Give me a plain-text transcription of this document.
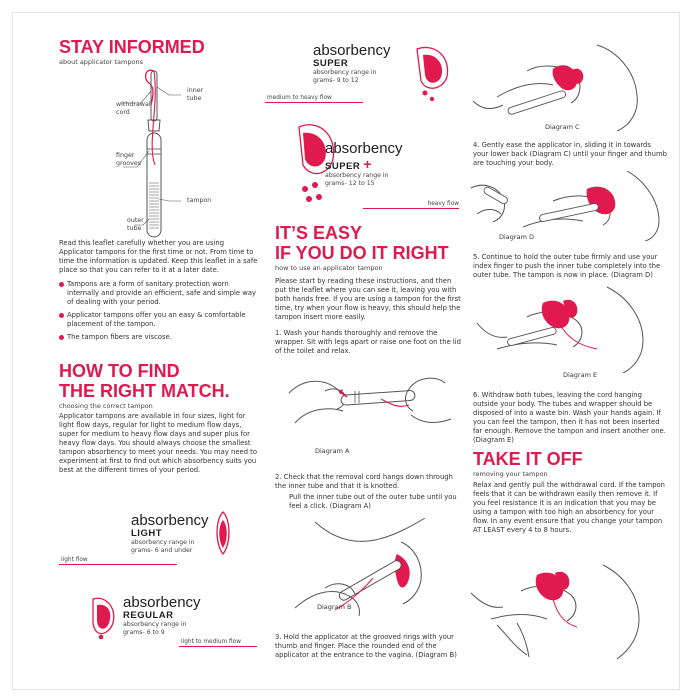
STAY INFORMED
about applicator tampons
withdrawal
cord
inner
tube
finger
grooves
tampon
outer
tube

Read this leaflet carefully whether you are using Applicator tampons for the first time or not. From time to time the information is updated. Keep this leaflet in a safe place so that you can refer to it at a later date.

Tampons are a form of sanitary protection worn internally and provide an efficient, safe and simple way of dealing with your period.
Applicator tampons offer you an easy & comfortable placement of the tampon.
The tampon fibers are viscose.
HOW TO FIND
THE RIGHT MATCH.
choosing the correct tampon

Applicator tampons are available in four sizes, light for light flow days, regular for light to medium flow days, super for medium to heavy flow days and super plus for heavy flow days. You should always choose the smallest tampon absorbency to meet your needs. You may need to experiment at first to find out which absorbency suits you best at the different times of your period.

absorbency
LIGHT
absorbency range in
grams- 6 and under
light flow
absorbency
REGULAR
absorbency range in
grams- 6 to 9
light to medium flow
absorbency
SUPER
absorbency range in
grams- 9 to 12
medium to heavy flow
absorbency
SUPER +
absorbency range in
grams- 12 to 15
heavy flow
IT’S EASY
IF YOU DO IT RIGHT
how to use an applicator tampon

Please start by reading these instructions, and then put the leaflet where you can see it, leaving you with both hands free. If you are using a tampon for the first time, try when your flow is heavy, this should help the tampon insert more easily.

1. Wash your hands thoroughly and remove the wrapper. Sit with legs apart or raise one foot on the lid of the toilet and relax.

Diagram A

2. Check that the removal cord hangs down through the inner tube and that it is knotted.

Pull the inner tube out of the outer tube until you feel a click. (Diagram A)

Diagram B

3. Hold the applicator at the grooved rings with your thumb and finger. Place the rounded end of the applicator at the entrance to the vagina. (Diagram B)

Diagram C

4. Gently ease the applicator in, sliding it in towards your lower back (Diagram C) until your finger and thumb are touching your body.

Diagram D

5. Continue to hold the outer tube firmly and use your index finger to push the inner tube completely into the outer tube. The tampon is now in place. (Diagram D)

Diagram E

6. Withdraw both tubes, leaving the cord hanging outside your body. The tubes and wrapper should be disposed of into a waste bin. Wash your hands again. If you can feel the tampon, then it has not been inserted far enough. Remove the tampon and insert another one. (Diagram E)

TAKE IT OFF
removing your tampon

Relax and gently pull the withdrawal cord. If the tampon feels that it can be withdrawn easily then remove it. If you feel resistance it is an indication that you may be using a tampon with too high an absorbency for your flow. In any event ensure that you change your tampon AT LEAST every 4 to 8 hours.
